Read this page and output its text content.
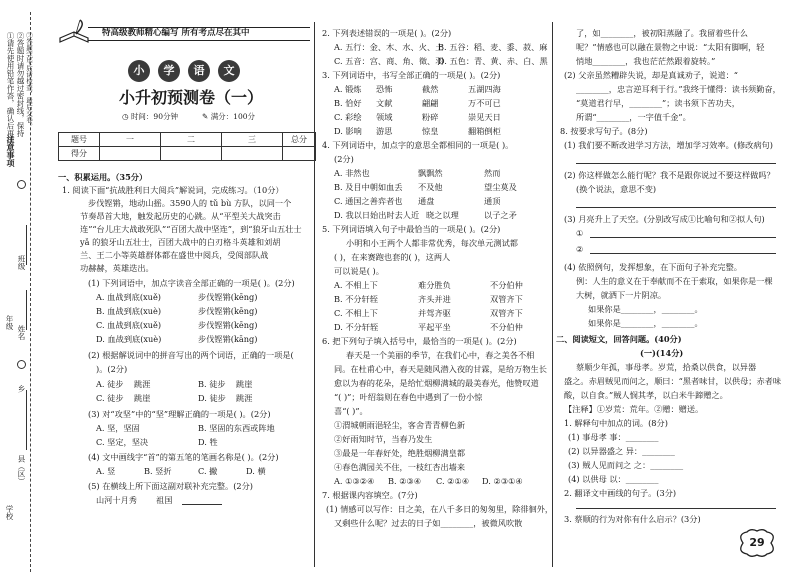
注意事项
①请先使用铅笔作答，确认后再用 ②答题时请勿越过密封线，保持 ③答题完毕后请检查，最后交卷。
班级
姓名
年级
学校
县（区）
乡
特高级教师精心编写 所有考点尽在其中
小	学	语	文
小升初预测卷（一）
◷ 时间：90分钟	✎ 满分：100分
题号	一	二	三	总分
得分				
一、积累运用。（35分）
1. 阅读下面“抗战胜利日大阅兵”解说词，完成练习。（10分）
步伐铿锵，地动山摇。3590人的 tǔ bù 方队，以同一个
节奏昂首大地，触发起历史的心跳。从“平型关大战突击
连”“台儿庄大战敢死队”“百团大战中坚连”，到“狼牙山五壮士
yǎ 的狼牙山五壮士，百团大战中的白刃格斗英雄和刘胡
兰、王二小等英雄群体都在盛世中阅兵，受阅部队战
功赫赫，英雄迭出。
(1) 下列词语中，加点字读音全部正确的一项是( )。(2分)
A. 血战到底(xuě)	步伐铿锵(kēng)
B. 血战到底(xuè)	步伐铿锵(kēng)
C. 血战到底(xuě)	步伐铿锵(kēng)
D. 血战到底(xuè)	步伐铿锵(kāng)
(2) 根据解说词中的拼音写出的两个词语，正确的一项是(
)。(2分)
A. 徒步 跳涯	B. 徒步 跳崖
C. 徒步 跳崖	D. 徒步 跳涯
(3) 对“攻坚”中的“坚”理解正确的一项是( )。(2分)
A. 坚，坚固	B. 坚固的东西或阵地
C. 坚定，坚决	D. 牲
(4) 文中画线字“首”的第五笔的笔画名称是( )。(2分)
A. 竖	B. 竖折	C. 撇	D. 横
(5) 在横线上所下面这副对联补充完整。(2分)
山河十月秀 祖国
2. 下列表述错误的一项是( )。(2分)
A. 五行：金、木、水、火、土
B. 五谷：稻、麦、黍、菽、麻
C. 五音：宫、商、角、徵、羽
D. 五色：青、黄、赤、白、黑
3. 下列词语中，书写全部正确的一项是( )。(2分)
A. 锻炼 恐怖	截然	五湖四海
B. 恰好 文献	翩翩	万不可已
C. 彩绘 领域	粉碎	崇见天日
D. 影响 游思	惊皇	翻箱倒柜
4. 下列词语中，加点字的意思全都相同的一项是( )。
(2分)
A. 非然也	飘飘然	然而
B. 及目中朝如血丢 不及他	望尘莫及
C. 通国之善弈者也 通盘	通顶
D. 我以日始出时去人近 晓之以理	以子之矛
5. 下列词语填入句子中最恰当的一项是( )。(2分)
小明和小王两个人都非常优秀，每次单元测试都
( )，在来赛跑也套的( )，这两人
可以说是( )。
A. 不相上下	难分胜负	不分伯仲
B. 不分轩轾	齐头并进	双管齐下
C. 不相上下	并驾齐驱	双管齐下
D. 不分轩轾	平起平坐	不分伯仲
6. 把下列句子填入括号中，最恰当的一项是( )。(2分)
春天是一个美丽的季节，在我们心中，春之美各不相
同。在杜甫心中，春天是随风潜入夜的甘霖，是给万物生长
愈以为春的花朵，是给忙烟柳满城的最美春光，他赞叹道
“( )”；叶绍翁则在春色中遇到了一份小惊
喜“( )”。
①渭城朝雨浥轻尘，客舍青青柳色新
②好雨知时节，当春乃发生
③最是一年春好处，绝胜烟柳满皇都
④春色满园关不住，一枝红杏出墙来
A. ①③②④ B. ②③④ C. ②①④ D. ②③①④
7. 根据课内容填空。(7分)
(1) 情感可以写作：日之美，在八千多日的匆匆里，除徘徊外，
又剩些什么呢？过去的日子如________，被微风吹散
了，如________，被初阳蒸融了。我留着些什么
呢？”情感也可以融在景物之中说：“太阳有脚啊，轻
悄地________，我也茫茫然跟着旋转。”
(2) 父亲虽然糟辟失说，却是真诚劝子，说道：“
________，忠言逆耳利于行。”我终于懂得：读书须勤奋，
“莫道君行早，________”；读书须下苦功夫，
所谓“________，一字值千金”。
8. 按要求写句子。(8分)
(1) 我们要不断改进学习方法，增加学习效率。(修改病句)
(2) 你这样做怎么能行呢？我不是跟你说过不要这样做吗？
(换个说法，意思不变)
(3) 月亮升上了天空。(分别改写成①比喻句和②拟人句)
①
②
(4) 依照例句，发挥想象，在下面句子补充完整。
例：人生的意义在于奉献而不在于索取，如果你是一棵
大树，就洒下一片阴凉。
如果你是________，________。
如果你是________，________。
二、阅读短文，回答问题。(40分)
(一)(14分)
蔡顺少年孤，事母孝。岁荒，拾桑以供食，以异器
盛之。赤眉贼见而问之，顺曰：“黑者味甘，以供母；赤者味
酸，以自食。”贼人悯其孝，以白米牛蹄赠之。
【注释】①岁荒：荒年。②赠：赠送。
1. 解释句中加点的词。(8分)
(1) 事母孝 事：________
(2) 以异器盛之 异：________
(3) 贼人见而问之 之：________
(4) 以供母 以：________
2. 翻译文中画线的句子。(3分)
3. 蔡顺的行为对你有什么启示？(3分)
29
